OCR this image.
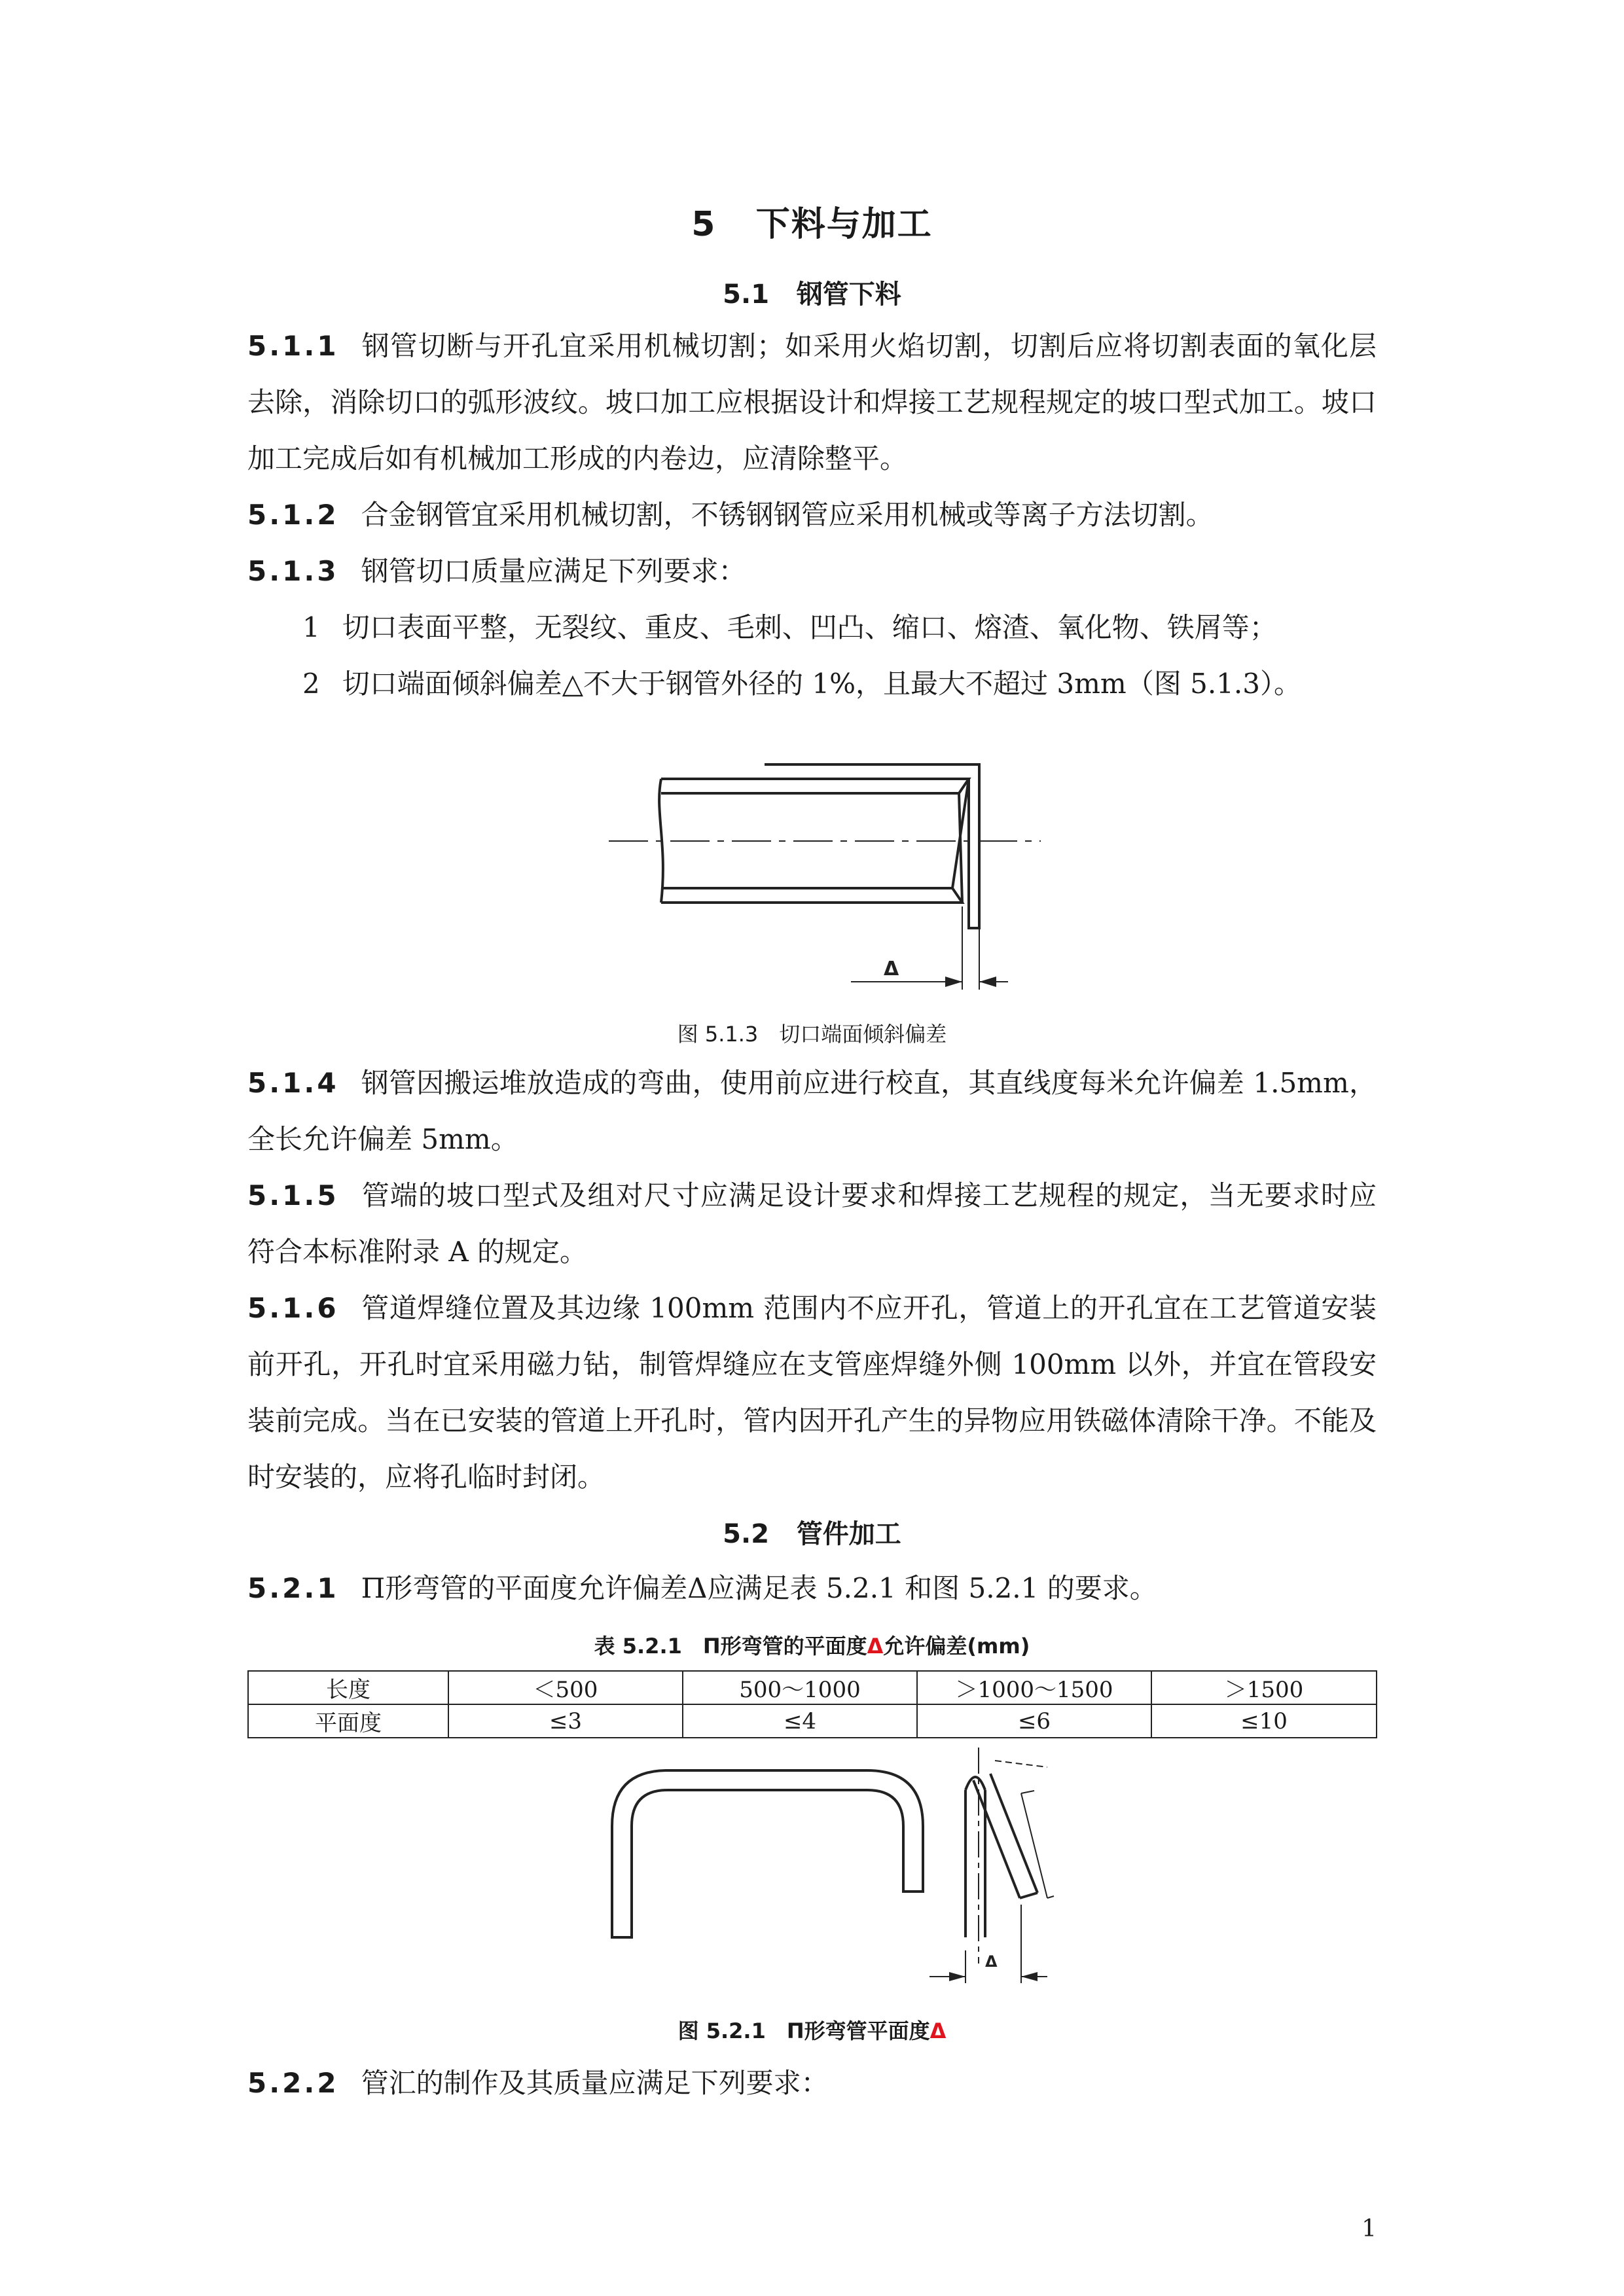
5 下料与加工
5.1 钢管下料
5.1.1 钢管切断与开孔宜采用机械切割；如采用火焰切割，切割后应将切割表面的氧化层去除，消除切口的弧形波纹。坡口加工应根据设计和焊接工艺规程规定的坡口型式加工。坡口加工完成后如有机械加工形成的内卷边，应清除整平。
5.1.2 合金钢管宜采用机械切割，不锈钢钢管应采用机械或等离子方法切割。
5.1.3 钢管切口质量应满足下列要求：
1 切口表面平整，无裂纹、重皮、毛刺、凹凸、缩口、熔渣、氧化物、铁屑等；
2 切口端面倾斜偏差△不大于钢管外径的 1%，且最大不超过 3mm（图 5.1.3）。
Δ
图 5.1.3　切口端面倾斜偏差
5.1.4 钢管因搬运堆放造成的弯曲，使用前应进行校直，其直线度每米允许偏差 1.5mm，全长允许偏差 5mm。
5.1.5 管端的坡口型式及组对尺寸应满足设计要求和焊接工艺规程的规定，当无要求时应符合本标准附录 A 的规定。
5.1.6 管道焊缝位置及其边缘 100mm 范围内不应开孔，管道上的开孔宜在工艺管道安装前开孔，开孔时宜采用磁力钻，制管焊缝应在支管座焊缝外侧 100mm 以外，并宜在管段安装前完成。当在已安装的管道上开孔时，管内因开孔产生的异物应用铁磁体清除干净。不能及时安装的，应将孔临时封闭。
5.2 管件加工
5.2.1 Π形弯管的平面度允许偏差Δ应满足表 5.2.1 和图 5.2.1 的要求。
表 5.2.1　Π形弯管的平面度Δ允许偏差(mm)
长度	＜500	500～1000	＞1000～1500	＞1500
平面度	≤3	≤4	≤6	≤10
Δ
图 5.2.1　Π形弯管平面度Δ
5.2.2 管汇的制作及其质量应满足下列要求：
1
